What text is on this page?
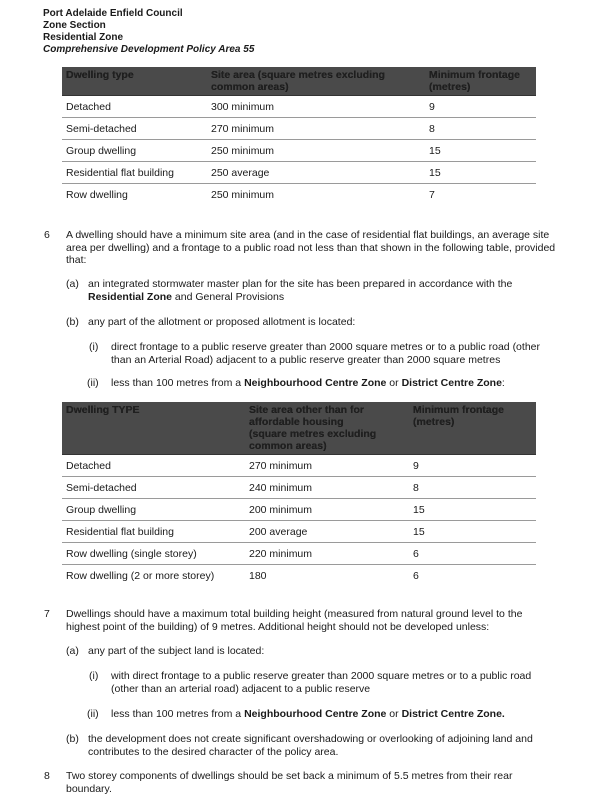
Port Adelaide Enfield Council
Zone Section
Residential Zone
Comprehensive Development Policy Area 55
Dwelling type	Site area (square metres excluding common areas)	Minimum frontage (metres)
Detached	300 minimum	9
Semi-detached	270 minimum	8
Group dwelling	250 minimum	15
Residential flat building	250 average	15
Row dwelling	250 minimum	7
6 A dwelling should have a minimum site area (and in the case of residential flat buildings, an average site area per dwelling) and a frontage to a public road not less than that shown in the following table, provided that:
(a) an integrated stormwater master plan for the site has been prepared in accordance with the
Residential Zone and General Provisions
(b) any part of the allotment or proposed allotment is located:
(i) direct frontage to a public reserve greater than 2000 square metres or to a public road (other than an Arterial Road) adjacent to a public reserve greater than 2000 square metres
(ii) less than 100 metres from a Neighbourhood Centre Zone or District Centre Zone:
Dwelling TYPE	Site area other than for affordable housing (square metres excluding common areas)	Minimum frontage (metres)
Detached	270 minimum	9
Semi-detached	240 minimum	8
Group dwelling	200 minimum	15
Residential flat building	200 average	15
Row dwelling (single storey)	220 minimum	6
Row dwelling (2 or more storey)	180	6
7 Dwellings should have a maximum total building height (measured from natural ground level to the highest point of the building) of 9 metres. Additional height should not be developed unless:
(a) any part of the subject land is located:
(i) with direct frontage to a public reserve greater than 2000 square metres or to a public road (other than an arterial road) adjacent to a public reserve
(ii) less than 100 metres from a Neighbourhood Centre Zone or District Centre Zone.
(b) the development does not create significant overshadowing or overlooking of adjoining land and contributes to the desired character of the policy area.
8 Two storey components of dwellings should be set back a minimum of 5.5 metres from their rear boundary.
